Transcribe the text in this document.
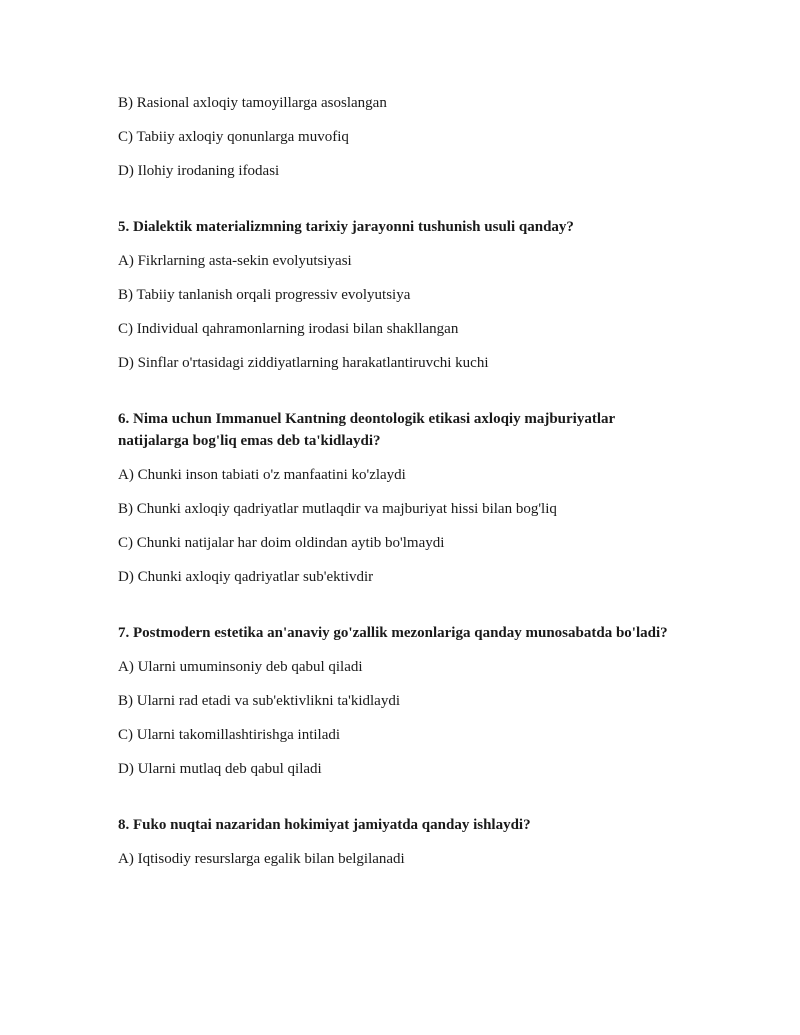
B) Rasional axloqiy tamoyillarga asoslangan

C) Tabiiy axloqiy qonunlarga muvofiq

D) Ilohiy irodaning ifodasi

5. Dialektik materializmning tarixiy jarayonni tushunish usuli qanday?

A) Fikrlarning asta-sekin evolyutsiyasi

B) Tabiiy tanlanish orqali progressiv evolyutsiya

C) Individual qahramonlarning irodasi bilan shakllangan

D) Sinflar o'rtasidagi ziddiyatlarning harakatlantiruvchi kuchi

6. Nima uchun Immanuel Kantning deontologik etikasi axloqiy majburiyatlar natijalarga bog'liq emas deb ta'kidlaydi?

A) Chunki inson tabiati o'z manfaatini ko'zlaydi

B) Chunki axloqiy qadriyatlar mutlaqdir va majburiyat hissi bilan bog'liq

C) Chunki natijalar har doim oldindan aytib bo'lmaydi

D) Chunki axloqiy qadriyatlar sub'ektivdir

7. Postmodern estetika an'anaviy go'zallik mezonlariga qanday munosabatda bo'ladi?

A) Ularni umuminsoniy deb qabul qiladi

B) Ularni rad etadi va sub'ektivlikni ta'kidlaydi

C) Ularni takomillashtirishga intiladi

D) Ularni mutlaq deb qabul qiladi

8. Fuko nuqtai nazaridan hokimiyat jamiyatda qanday ishlaydi?

A) Iqtisodiy resurslarga egalik bilan belgilanadi
